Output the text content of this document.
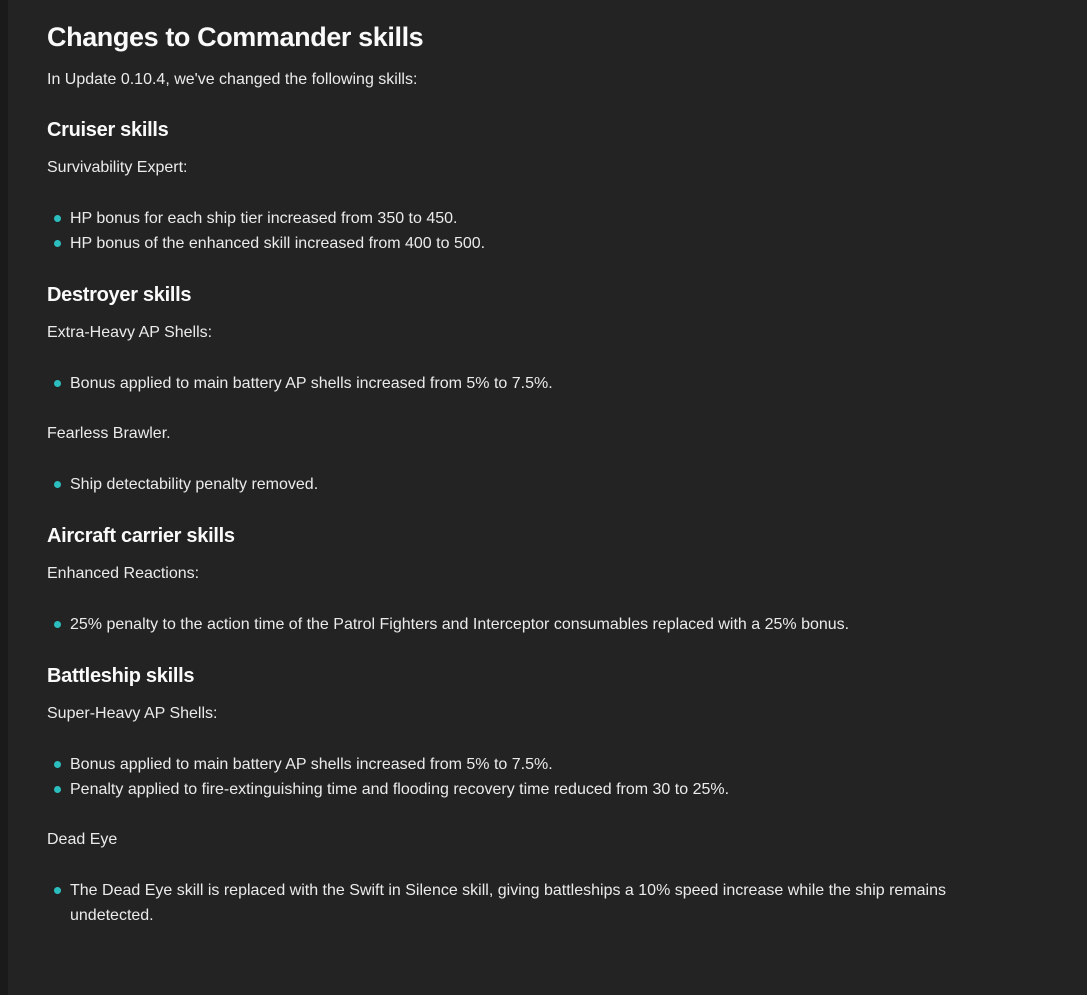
Changes to Commander skills

In Update 0.10.4, we've changed the following skills:

Cruiser skills

Survivability Expert:

HP bonus for each ship tier increased from 350 to 450.
HP bonus of the enhanced skill increased from 400 to 500.
Destroyer skills

Extra-Heavy AP Shells:

Bonus applied to main battery AP shells increased from 5% to 7.5%.

Fearless Brawler.

Ship detectability penalty removed.
Aircraft carrier skills

Enhanced Reactions:

25% penalty to the action time of the Patrol Fighters and Interceptor consumables replaced with a 25% bonus.
Battleship skills

Super-Heavy AP Shells:

Bonus applied to main battery AP shells increased from 5% to 7.5%.
Penalty applied to fire-extinguishing time and flooding recovery time reduced from 30 to 25%.

Dead Eye

The Dead Eye skill is replaced with the Swift in Silence skill, giving battleships a 10% speed increase while the ship remains undetected.
